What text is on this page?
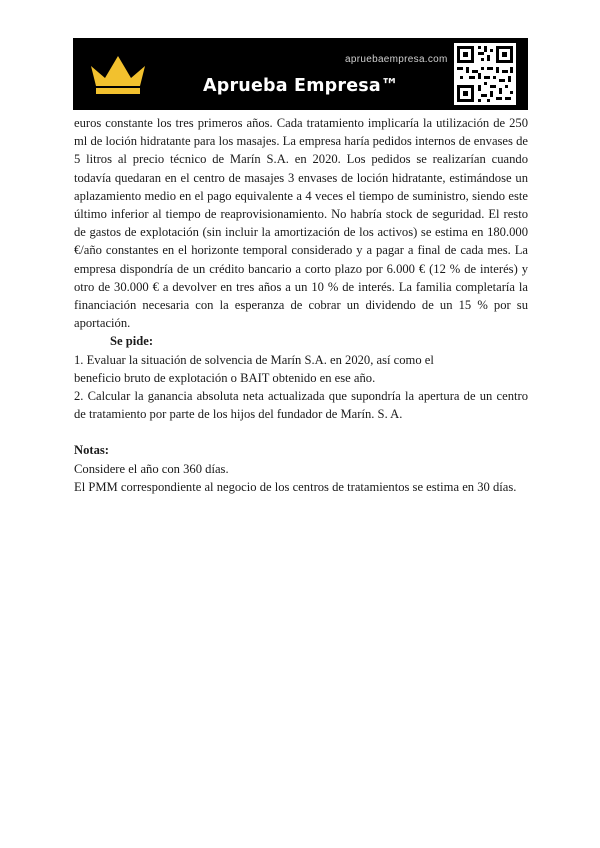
apruebaempresa.com
Aprueba Empresa™

euros constante los tres primeros años. Cada tratamiento implicaría la utilización de 250 ml de loción hidratante para los masajes. La empresa haría pedidos internos de envases de 5 litros al precio técnico de Marín S.A. en 2020. Los pedidos se realizarían cuando todavía quedaran en el centro de masajes 3 envases de loción hidratante, estimándose un aplazamiento medio en el pago equivalente a 4 veces el tiempo de suministro, siendo este último inferior al tiempo de reaprovisionamiento. No habría stock de seguridad. El resto de gastos de explotación (sin incluir la amortización de los activos) se estima en 180.000 €/año constantes en el horizonte temporal considerado y a pagar a final de cada mes. La empresa dispondría de un crédito bancario a corto plazo por 6.000 € (12 % de interés) y otro de 30.000 € a devolver en tres años a un 10 % de interés. La familia completaría la financiación necesaria con la esperanza de cobrar un dividendo de un 15 % por su aportación.

Se pide:

1. Evaluar la situación de solvencia de Marín S.A. en 2020, así como el

beneficio bruto de explotación o BAIT obtenido en ese año.

2. Calcular la ganancia absoluta neta actualizada que supondría la apertura de un centro de tratamiento por parte de los hijos del fundador de Marín. S. A.

Notas:

Considere el año con 360 días.

El PMM correspondiente al negocio de los centros de tratamientos se estima en 30 días.
